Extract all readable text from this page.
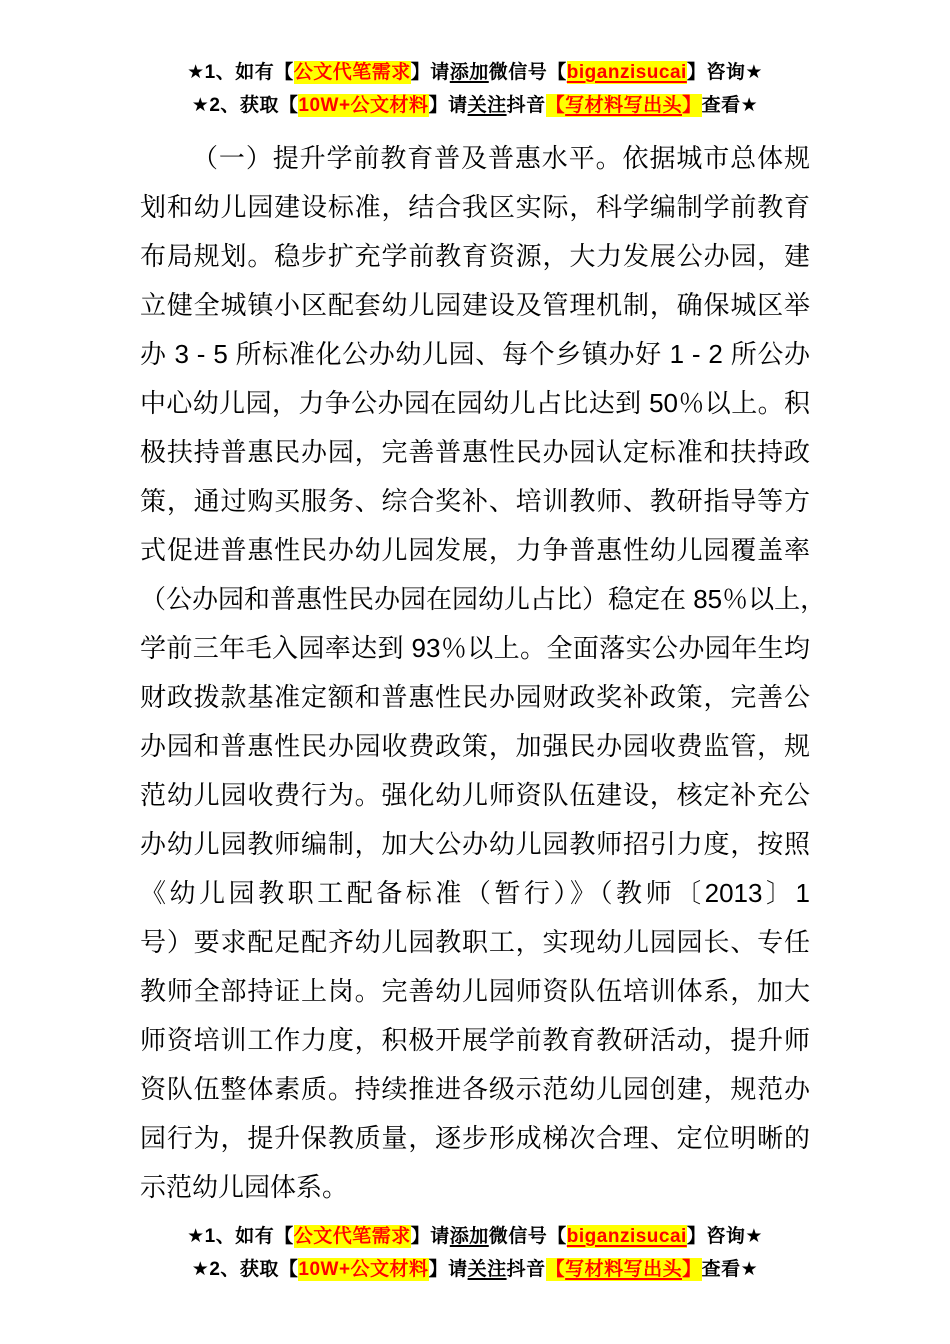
★1、如有【公文代笔需求】请添加微信号【biganzisucai】咨询★
★2、获取【10W+公文材料】请关注抖音【写材料写出头】查看★
（一）提升学前教育普及普惠水平。依据城市总体规
划和幼儿园建设标准，结合我区实际，科学编制学前教育
布局规划。稳步扩充学前教育资源，大力发展公办园，建
立健全城镇小区配套幼儿园建设及管理机制，确保城区举
办 3 - 5 所标准化公办幼儿园、每个乡镇办好 1 - 2 所公办
中心幼儿园，力争公办园在园幼儿占比达到 50％以上。积
极扶持普惠民办园，完善普惠性民办园认定标准和扶持政
策，通过购买服务、综合奖补、培训教师、教研指导等方
式促进普惠性民办幼儿园发展，力争普惠性幼儿园覆盖率
（公办园和普惠性民办园在园幼儿占比）稳定在 85％以上，
学前三年毛入园率达到 93％以上。全面落实公办园年生均
财政拨款基准定额和普惠性民办园财政奖补政策，完善公
办园和普惠性民办园收费政策，加强民办园收费监管，规
范幼儿园收费行为。强化幼儿师资队伍建设，核定补充公
办幼儿园教师编制，加大公办幼儿园教师招引力度，按照
《幼儿园教职工配备标准（暂行）》（教师〔2013〕1
号）要求配足配齐幼儿园教职工，实现幼儿园园长、专任
教师全部持证上岗。完善幼儿园师资队伍培训体系，加大
师资培训工作力度，积极开展学前教育教研活动，提升师
资队伍整体素质。持续推进各级示范幼儿园创建，规范办
园行为，提升保教质量，逐步形成梯次合理、定位明晰的
示范幼儿园体系。
★1、如有【公文代笔需求】请添加微信号【biganzisucai】咨询★
★2、获取【10W+公文材料】请关注抖音【写材料写出头】查看★
